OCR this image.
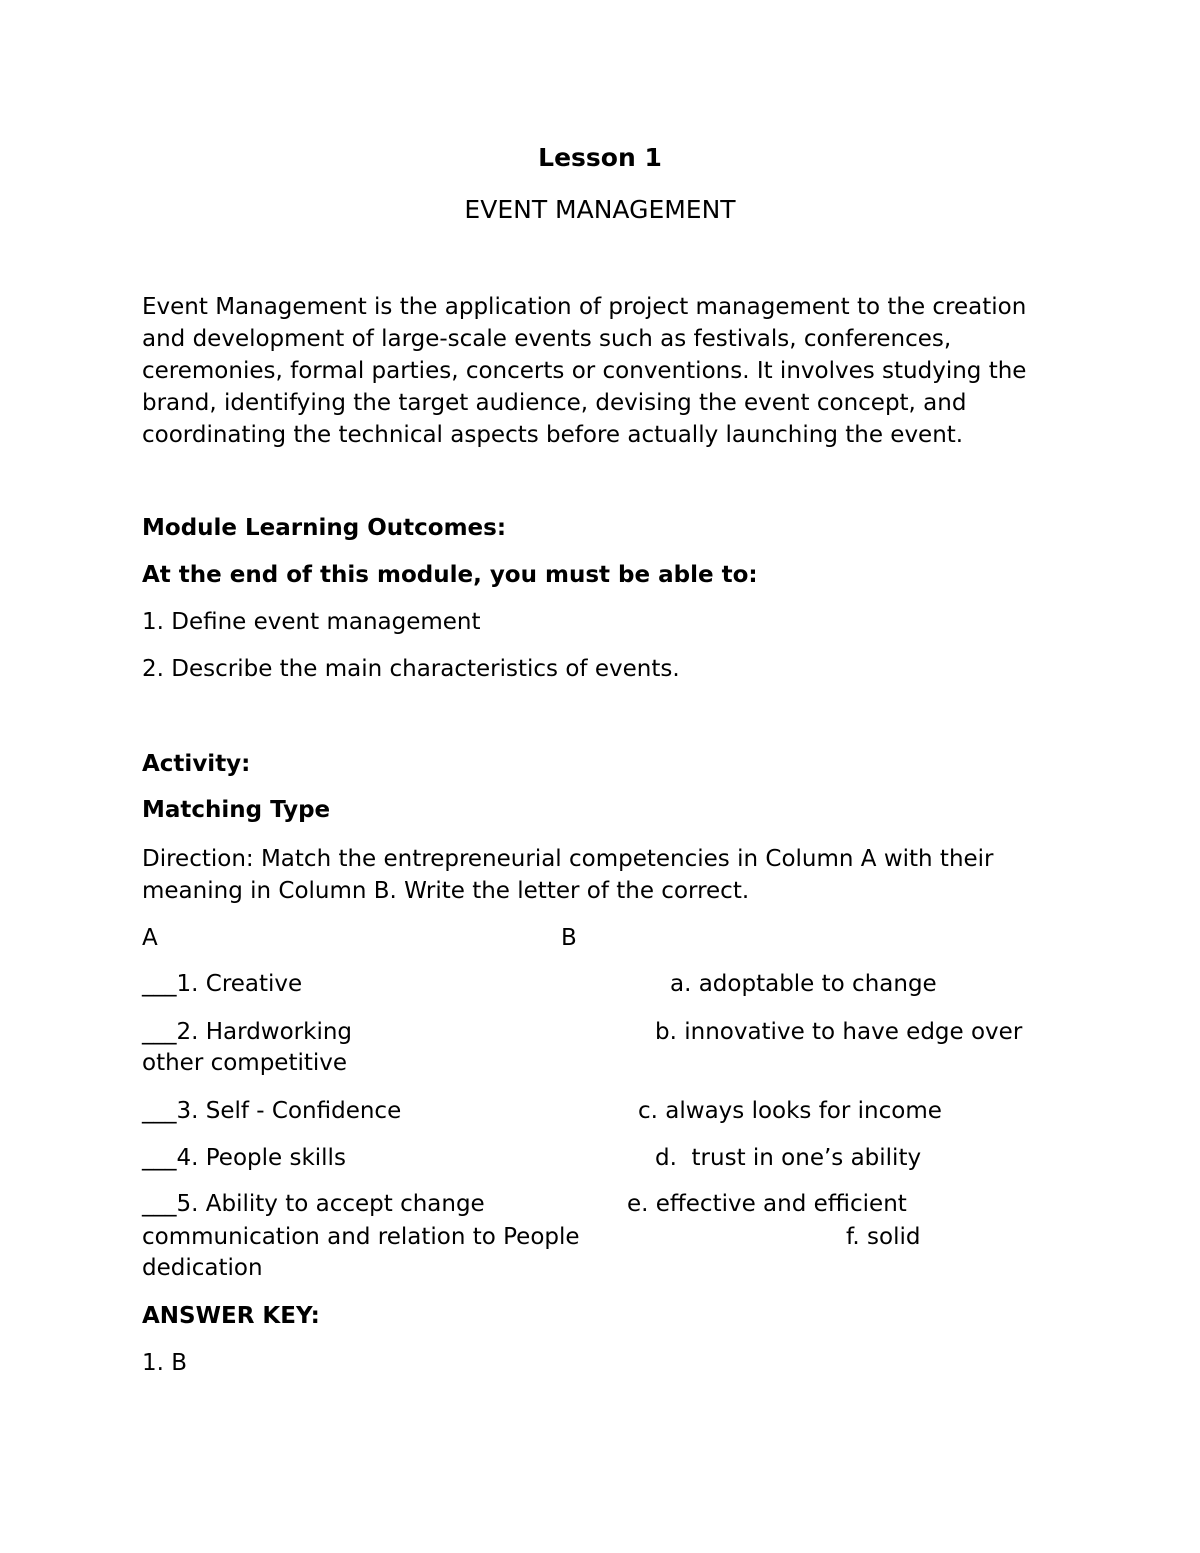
Lesson 1

EVENT MANAGEMENT

Event Management is the application of project management to the creation
and development of large-scale events such as festivals, conferences,
ceremonies, formal parties, concerts or conventions. It involves studying the
brand, identifying the target audience, devising the event concept, and
coordinating the technical aspects before actually launching the event.

Module Learning Outcomes:

At the end of this module, you must be able to:

1. Define event management

2. Describe the main characteristics of events.

Activity:

Matching Type

Direction: Match the entrepreneurial competencies in Column A with their
meaning in Column B. Write the letter of the correct.

A	B

___1. Creative	a. adoptable to change

___2. Hardworking	b. innovative to have edge over

other competitive

___3. Self - Confidence	c. always looks for income

___4. People skills	d.  trust in one’s ability

___5. Ability to accept change	e. effective and efficient

communication and relation to People	f. solid

dedication

ANSWER KEY:

1. B
